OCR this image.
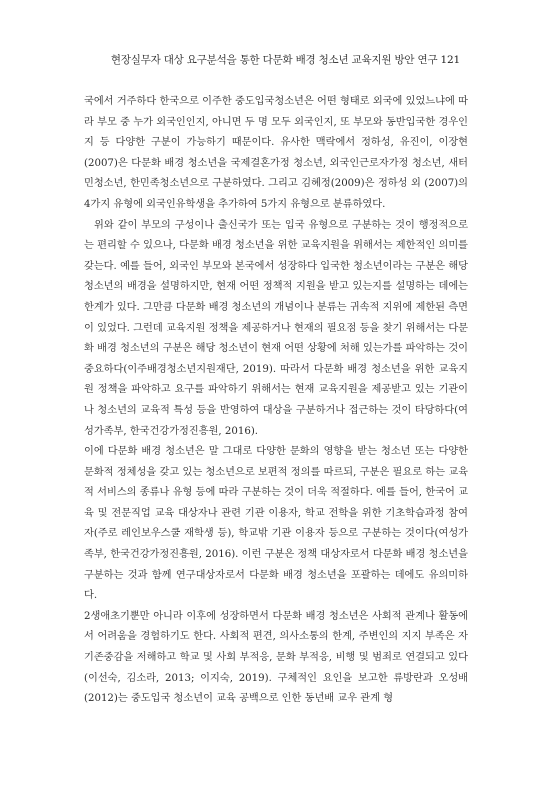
현장실무자 대상 요구분석을 통한 다문화 배경 청소년 교육지원 방안 연구 121

국에서 거주하다 한국으로 이주한 중도입국청소년은 어떤 형태로 외국에 있었느냐에 따라 부모 중 누가 외국인인지, 아니면 두 명 모두 외국인지, 또 부모와 동반입국한 경우인지 등 다양한 구분이 가능하기 때문이다. 유사한 맥락에서 정하성, 유진이, 이장현(2007)은 다문화 배경 청소년을 국제결혼가정 청소년, 외국인근로자가정 청소년, 새터민청소년, 한민족청소년으로 구분하였다. 그리고 김혜정(2009)은 정하성 외 (2007)의 4가지 유형에 외국인유학생을 추가하여 5가지 유형으로 분류하였다.

위와 같이 부모의 구성이나 출신국가 또는 입국 유형으로 구분하는 것이 행정적으로는 편리할 수 있으나, 다문화 배경 청소년을 위한 교육지원을 위해서는 제한적인 의미를 갖는다. 예를 들어, 외국인 부모와 본국에서 성장하다 입국한 청소년이라는 구분은 해당 청소년의 배경을 설명하지만, 현재 어떤 정책적 지원을 받고 있는지를 설명하는 데에는 한계가 있다. 그만큼 다문화 배경 청소년의 개념이나 분류는 귀속적 지위에 제한된 측면이 있었다. 그런데 교육지원 정책을 제공하거나 현재의 필요점 등을 찾기 위해서는 다문화 배경 청소년의 구분은 해당 청소년이 현재 어떤 상황에 처해 있는가를 파악하는 것이 중요하다(이주배경청소년지원재단, 2019). 따라서 다문화 배경 청소년을 위한 교육지원 정책을 파악하고 요구를 파악하기 위해서는 현재 교육지원을 제공받고 있는 기관이나 청소년의 교육적 특성 등을 반영하여 대상을 구분하거나 접근하는 것이 타당하다(여성가족부, 한국건강가정진흥원, 2016).

이에 다문화 배경 청소년은 말 그대로 다양한 문화의 영향을 받는 청소년 또는 다양한 문화적 정체성을 갖고 있는 청소년으로 보편적 정의를 따르되, 구분은 필요로 하는 교육적 서비스의 종류나 유형 등에 따라 구분하는 것이 더욱 적절하다. 예를 들어, 한국어 교육 및 전문직업 교육 대상자나 관련 기관 이용자, 학교 전학을 위한 기초학습과정 참여자(주로 레인보우스쿨 재학생 등), 학교밖 기관 이용자 등으로 구분하는 것이다(여성가족부, 한국건강가정진흥원, 2016). 이런 구분은 정책 대상자로서 다문화 배경 청소년을 구분하는 것과 함께 연구대상자로서 다문화 배경 청소년을 포괄하는 데에도 유의미하다.

2생애초기뿐만 아니라 이후에 성장하면서 다문화 배경 청소년은 사회적 관계나 활동에서 어려움을 경험하기도 한다. 사회적 편견, 의사소통의 한계, 주변인의 지지 부족은 자기존중감을 저해하고 학교 및 사회 부적응, 문화 부적응, 비행 및 범죄로 연결되고 있다(이선숙, 김소라, 2013; 이지숙, 2019). 구체적인 요인을 보고한 류방란과 오성배(2012)는 중도입국 청소년이 교육 공백으로 인한 동년배 교우 관계 형
